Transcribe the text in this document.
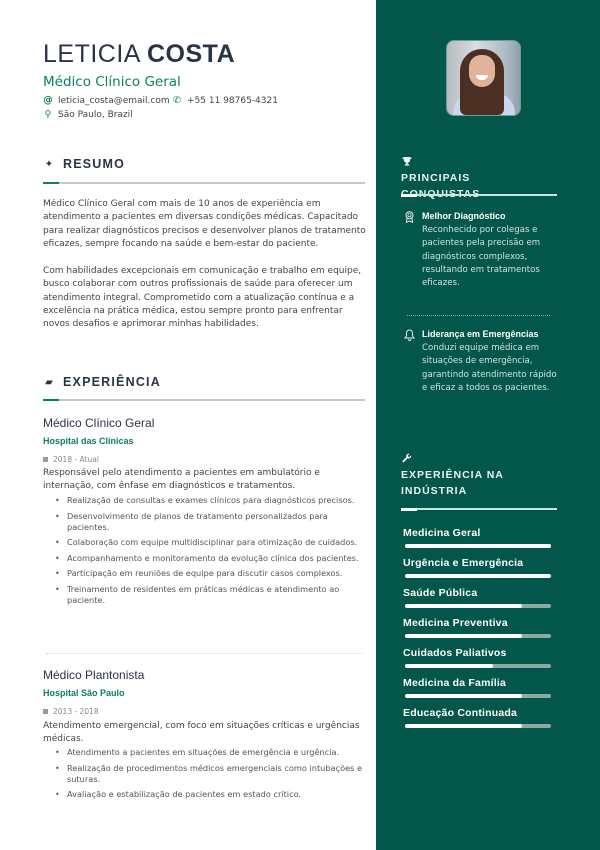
LETICIA COSTA
Médico Clínico Geral
@ leticia_costa@email.com ✆ +55 11 98765-4321
⚲ São Paulo, Brazil
✦ RESUMO

Médico Clínico Geral com mais de 10 anos de experiência em atendimento a pacientes em diversas condições médicas. Capacitado para realizar diagnósticos precisos e desenvolver planos de tratamento eficazes, sempre focando na saúde e bem-estar do paciente.

Com habilidades excepcionais em comunicação e trabalho em equipe, busco colaborar com outros profissionais de saúde para oferecer um atendimento integral. Comprometido com a atualização contínua e a excelência na prática médica, estou sempre pronto para enfrentar novos desafios e aprimorar minhas habilidades.

▰ EXPERIÊNCIA
Médico Clínico Geral
Hospital das Clínicas
2018 - Atual

Responsável pelo atendimento a pacientes em ambulatório e internação, com ênfase em diagnósticos e tratamentos.

• Realização de consultas e exames clínicos para diagnósticos precisos.
• Desenvolvimento de planos de tratamento personalizados para pacientes.
• Colaboração com equipe multidisciplinar para otimização de cuidados.
• Acompanhamento e monitoramento da evolução clínica dos pacientes.
• Participação em reuniões de equipe para discutir casos complexos.
• Treinamento de residentes em práticas médicas e atendimento ao paciente.
Médico Plantonista
Hospital São Paulo
2013 - 2018

Atendimento emergencial, com foco em situações críticas e urgências médicas.

• Atendimento a pacientes em situações de emergência e urgência.
• Realização de procedimentos médicos emergenciais como intubações e suturas.
• Avaliação e estabilização de pacientes em estado crítico.
PRINCIPAIS
Melhor Diagnóstico

Reconhecido por colegas e pacientes pela precisão em diagnósticos complexos, resultando em tratamentos eficazes.

Liderança em Emergências

Conduzi equipe médica em situações de emergência, garantindo atendimento rápido e eficaz a todos os pacientes.

EXPERIÊNCIA NA INDÚSTRIA
Medicina Geral
Urgência e Emergência
Saúde Pública
Medicina Preventiva
Cuidados Paliativos
Medicina da Família
Educação Continuada
